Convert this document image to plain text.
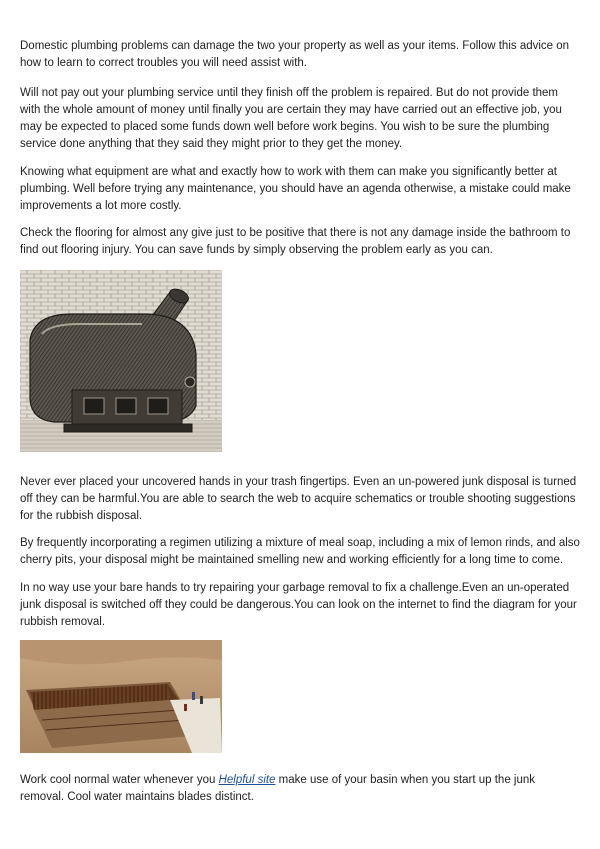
Domestic plumbing problems can damage the two your property as well as your items. Follow this advice on how to learn to correct troubles you will need assist with.

Will not pay out your plumbing service until they finish off the problem is repaired. But do not provide them with the whole amount of money until finally you are certain they may have carried out an effective job, you may be expected to placed some funds down well before work begins. You wish to be sure the plumbing service done anything that they said they might prior to they get the money.

Knowing what equipment are what and exactly how to work with them can make you significantly better at plumbing. Well before trying any maintenance, you should have an agenda otherwise, a mistake could make improvements a lot more costly.

Check the flooring for almost any give just to be positive that there is not any damage inside the bathroom to find out flooring injury. You can save funds by simply observing the problem early as you can.

Never ever placed your uncovered hands in your trash fingertips. Even an un-powered junk disposal is turned off they can be harmful.You are able to search the web to acquire schematics or trouble shooting suggestions for the rubbish disposal.

By frequently incorporating a regimen utilizing a mixture of meal soap, including a mix of lemon rinds, and also cherry pits, your disposal might be maintained smelling new and working efficiently for a long time to come.

In no way use your bare hands to try repairing your garbage removal to fix a challenge.Even an un-operated junk disposal is switched off they could be dangerous.You can look on the internet to find the diagram for your rubbish removal.

Work cool normal water whenever you Helpful site make use of your basin when you start up the junk removal. Cool water maintains blades distinct.
